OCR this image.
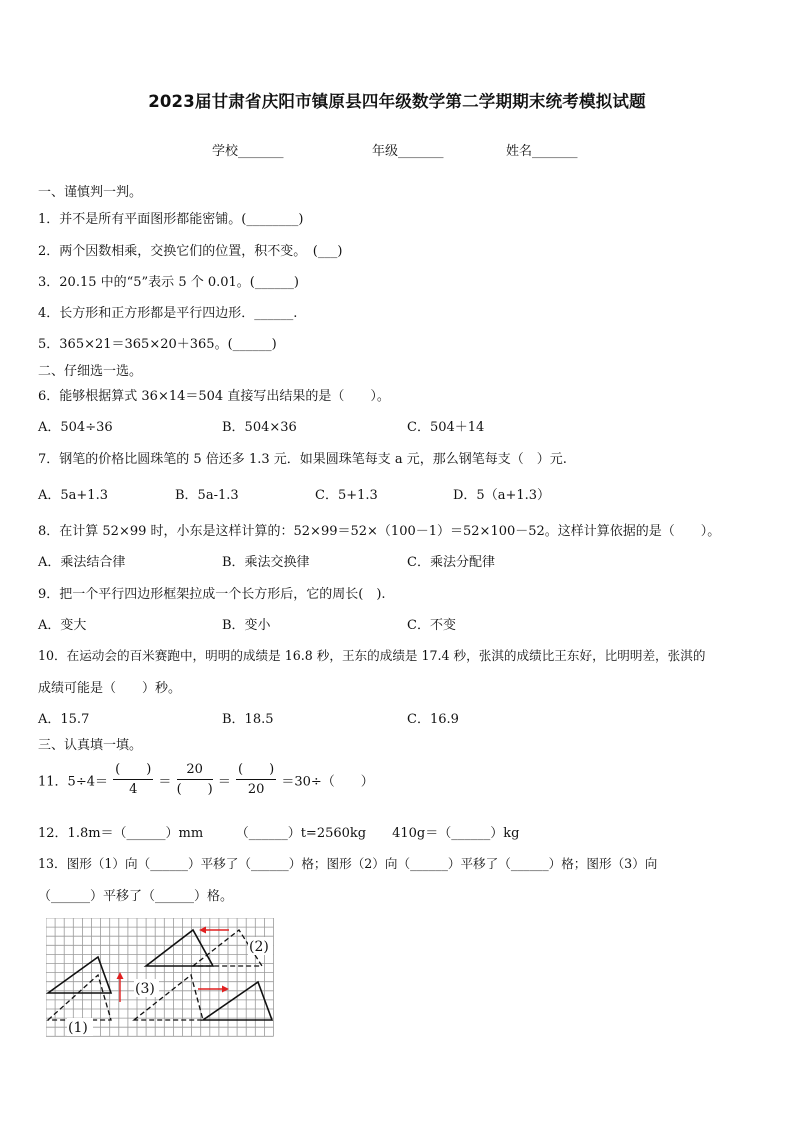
2023届甘肃省庆阳市镇原县四年级数学第二学期期末统考模拟试题
学校_______	年级_______	姓名_______
一、谨慎判一判。
1．并不是所有平面图形都能密铺。(________)
2．两个因数相乘，交换它们的位置，积不变。　(___)
3．20.15 中的“5”表示 5 个 0.01。(______)
4．长方形和正方形都是平行四边形．______.
5．365×21＝365×20＋365。(______)
二、仔细选一选。
6．能够根据算式 36×14＝504 直接写出结果的是（　　）。
A．504÷36	B．504×36	C．504＋14
7．钢笔的价格比圆珠笔的 5 倍还多 1.3 元．如果圆珠笔每支 a 元，那么钢笔每支（　）元.
A．5a+1.3	B．5a-1.3	C．5+1.3	D．5（a+1.3）
8．在计算 52×99 时，小东是这样计算的：52×99＝52×（100－1）＝52×100－52。这样计算依据的是（　　）。
A．乘法结合律	B．乘法交换律	C．乘法分配律
9．把一个平行四边形框架拉成一个长方形后，它的周长(　).
A．变大	B．变小	C．不变
10．在运动会的百米赛跑中，明明的成绩是 16.8 秒，王东的成绩是 17.4 秒，张淇的成绩比王东好，比明明差，张淇的
成绩可能是（　　）秒。
A．15.7	B．18.5	C．16.9
三、认真填一填。
11．$5\div 4= \frac{( )}{4} = \frac{20}{( )} = \frac{( )}{20} =30\div$（　　）
12．1.8m＝（______）mm　　　（______）t=2560kg　　410g＝（______）kg
13．图形（1）向（______）平移了（______）格；图形（2）向（______）平移了（______）格；图形（3）向
（______）平移了（______）格。
(1)
(2)
(3)
